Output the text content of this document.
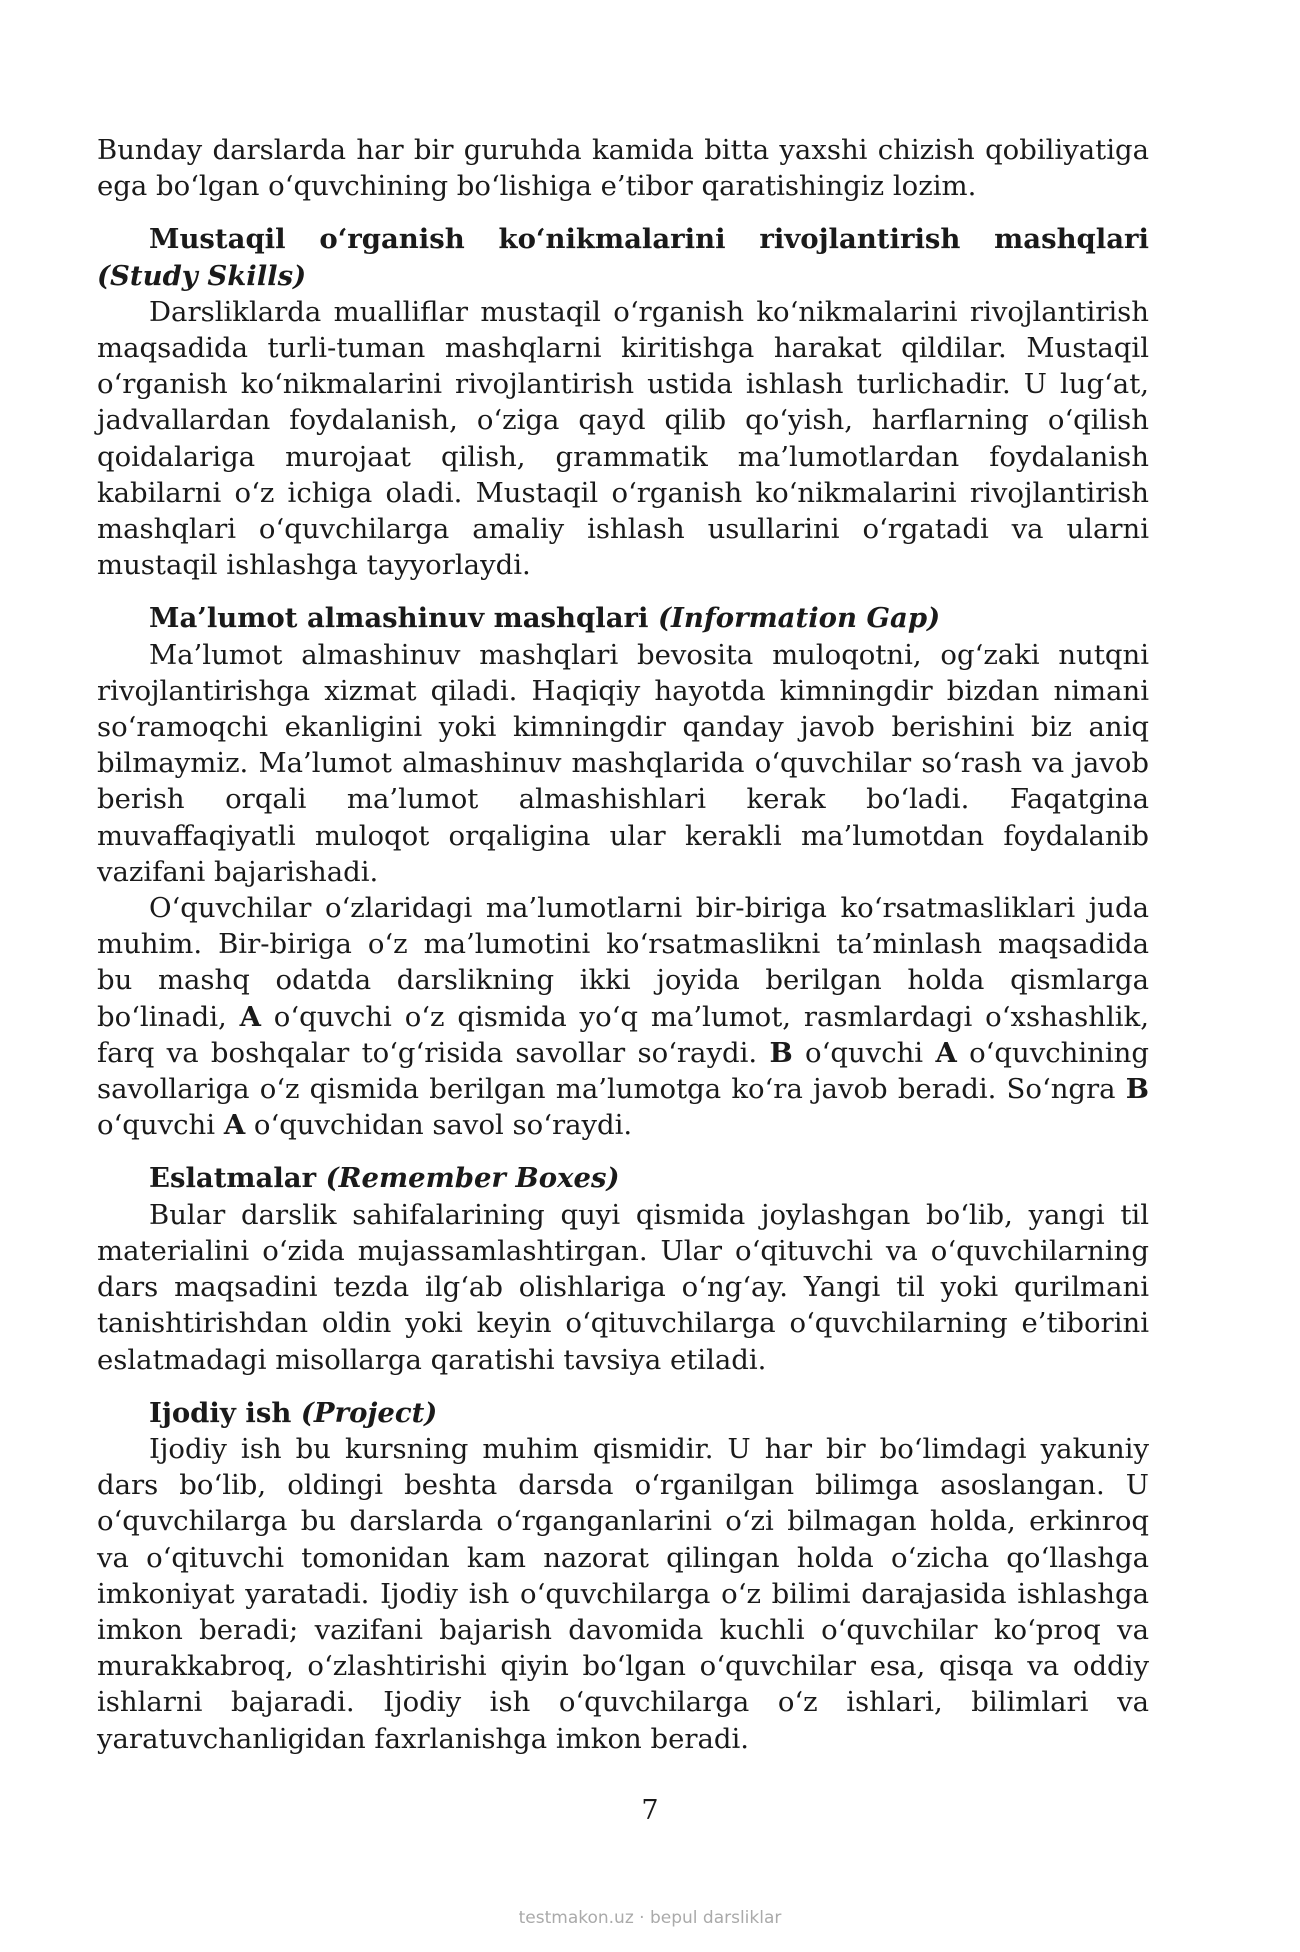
Bunday darslarda har bir guruhda kamida bitta yaxshi chizish qobiliyatiga ega bo‘lgan o‘quvchining bo‘lishiga e’tibor qaratishingiz lozim.

Mustaqil o‘rganish ko‘nikmalarini rivojlantirish mashqlari (Study Skills)

Darsliklarda mualliflar mustaqil o‘rganish ko‘nikmalarini rivojlantirish maqsadida turli-tuman mashqlarni kiritishga harakat qildilar. Mustaqil o‘rganish ko‘nikmalarini rivojlantirish ustida ishlash turlichadir. U lug‘at, jadvallardan foydalanish, o‘ziga qayd qilib qo‘yish, harflarning o‘qilish qoidalariga murojaat qilish, grammatik ma’lumotlardan foydalanish kabilarni o‘z ichiga oladi. Mustaqil o‘rganish ko‘nikmalarini rivojlantirish mashqlari o‘quvchilarga amaliy ishlash usullarini o‘rgatadi va ularni mustaqil ishlashga tayyorlaydi.

Ma’lumot almashinuv mashqlari (Information Gap)

Ma’lumot almashinuv mashqlari bevosita muloqotni, og‘zaki nutqni rivojlantirishga xizmat qiladi. Haqiqiy hayotda kimningdir bizdan nimani so‘ramoqchi ekanligini yoki kimningdir qanday javob berishini biz aniq bilmaymiz. Ma’lumot almashinuv mashqlarida o‘quvchilar so‘rash va javob berish orqali ma’lumot almashishlari kerak bo‘ladi. Faqatgina muvaffaqiyatli muloqot orqaligina ular kerakli ma’lumotdan foydalanib vazifani bajarishadi.

O‘quvchilar o‘zlaridagi ma’lumotlarni bir-biriga ko‘rsatmasliklari juda muhim. Bir-biriga o‘z ma’lumotini ko‘rsatmaslikni ta’minlash maqsadida bu mashq odatda darslikning ikki joyida berilgan holda qismlarga bo‘linadi, A o‘quvchi o‘z qismida yo‘q ma’lumot, rasmlardagi o‘xshashlik, farq va boshqalar to‘g‘risida savollar so‘raydi. B o‘quvchi A o‘quvchining savollariga o‘z qismida berilgan ma’lumotga ko‘ra javob beradi. So‘ngra B o‘quvchi A o‘quvchidan savol so‘raydi.

Eslatmalar (Remember Boxes)

Bular darslik sahifalarining quyi qismida joylashgan bo‘lib, yangi til materialini o‘zida mujassamlashtirgan. Ular o‘qituvchi va o‘quvchilarning dars maqsadini tezda ilg‘ab olishlariga o‘ng‘ay. Yangi til yoki qurilmani tanishtirishdan oldin yoki keyin o‘qituvchilarga o‘quvchilarning e’tiborini eslatmadagi misollarga qaratishi tavsiya etiladi.

Ijodiy ish (Project)

Ijodiy ish bu kursning muhim qismidir. U har bir bo‘limdagi yakuniy dars bo‘lib, oldingi beshta darsda o‘rganilgan bilimga asoslangan. U o‘quvchilarga bu darslarda o‘rganganlarini o‘zi bilmagan holda, erkinroq va o‘qituvchi tomonidan kam nazorat qilingan holda o‘zicha qo‘llashga imkoniyat yaratadi. Ijodiy ish o‘quvchilarga o‘z bilimi darajasida ishlashga imkon beradi; vazifani bajarish davomida kuchli o‘quvchilar ko‘proq va murakkabroq, o‘zlashtirishi qiyin bo‘lgan o‘quvchilar esa, qisqa va oddiy ishlarni bajaradi. Ijodiy ish o‘quvchilarga o‘z ishlari, bilimlari va yaratuvchanligidan faxrlanishga imkon beradi.

7
testmakon.uz · bepul darsliklar
